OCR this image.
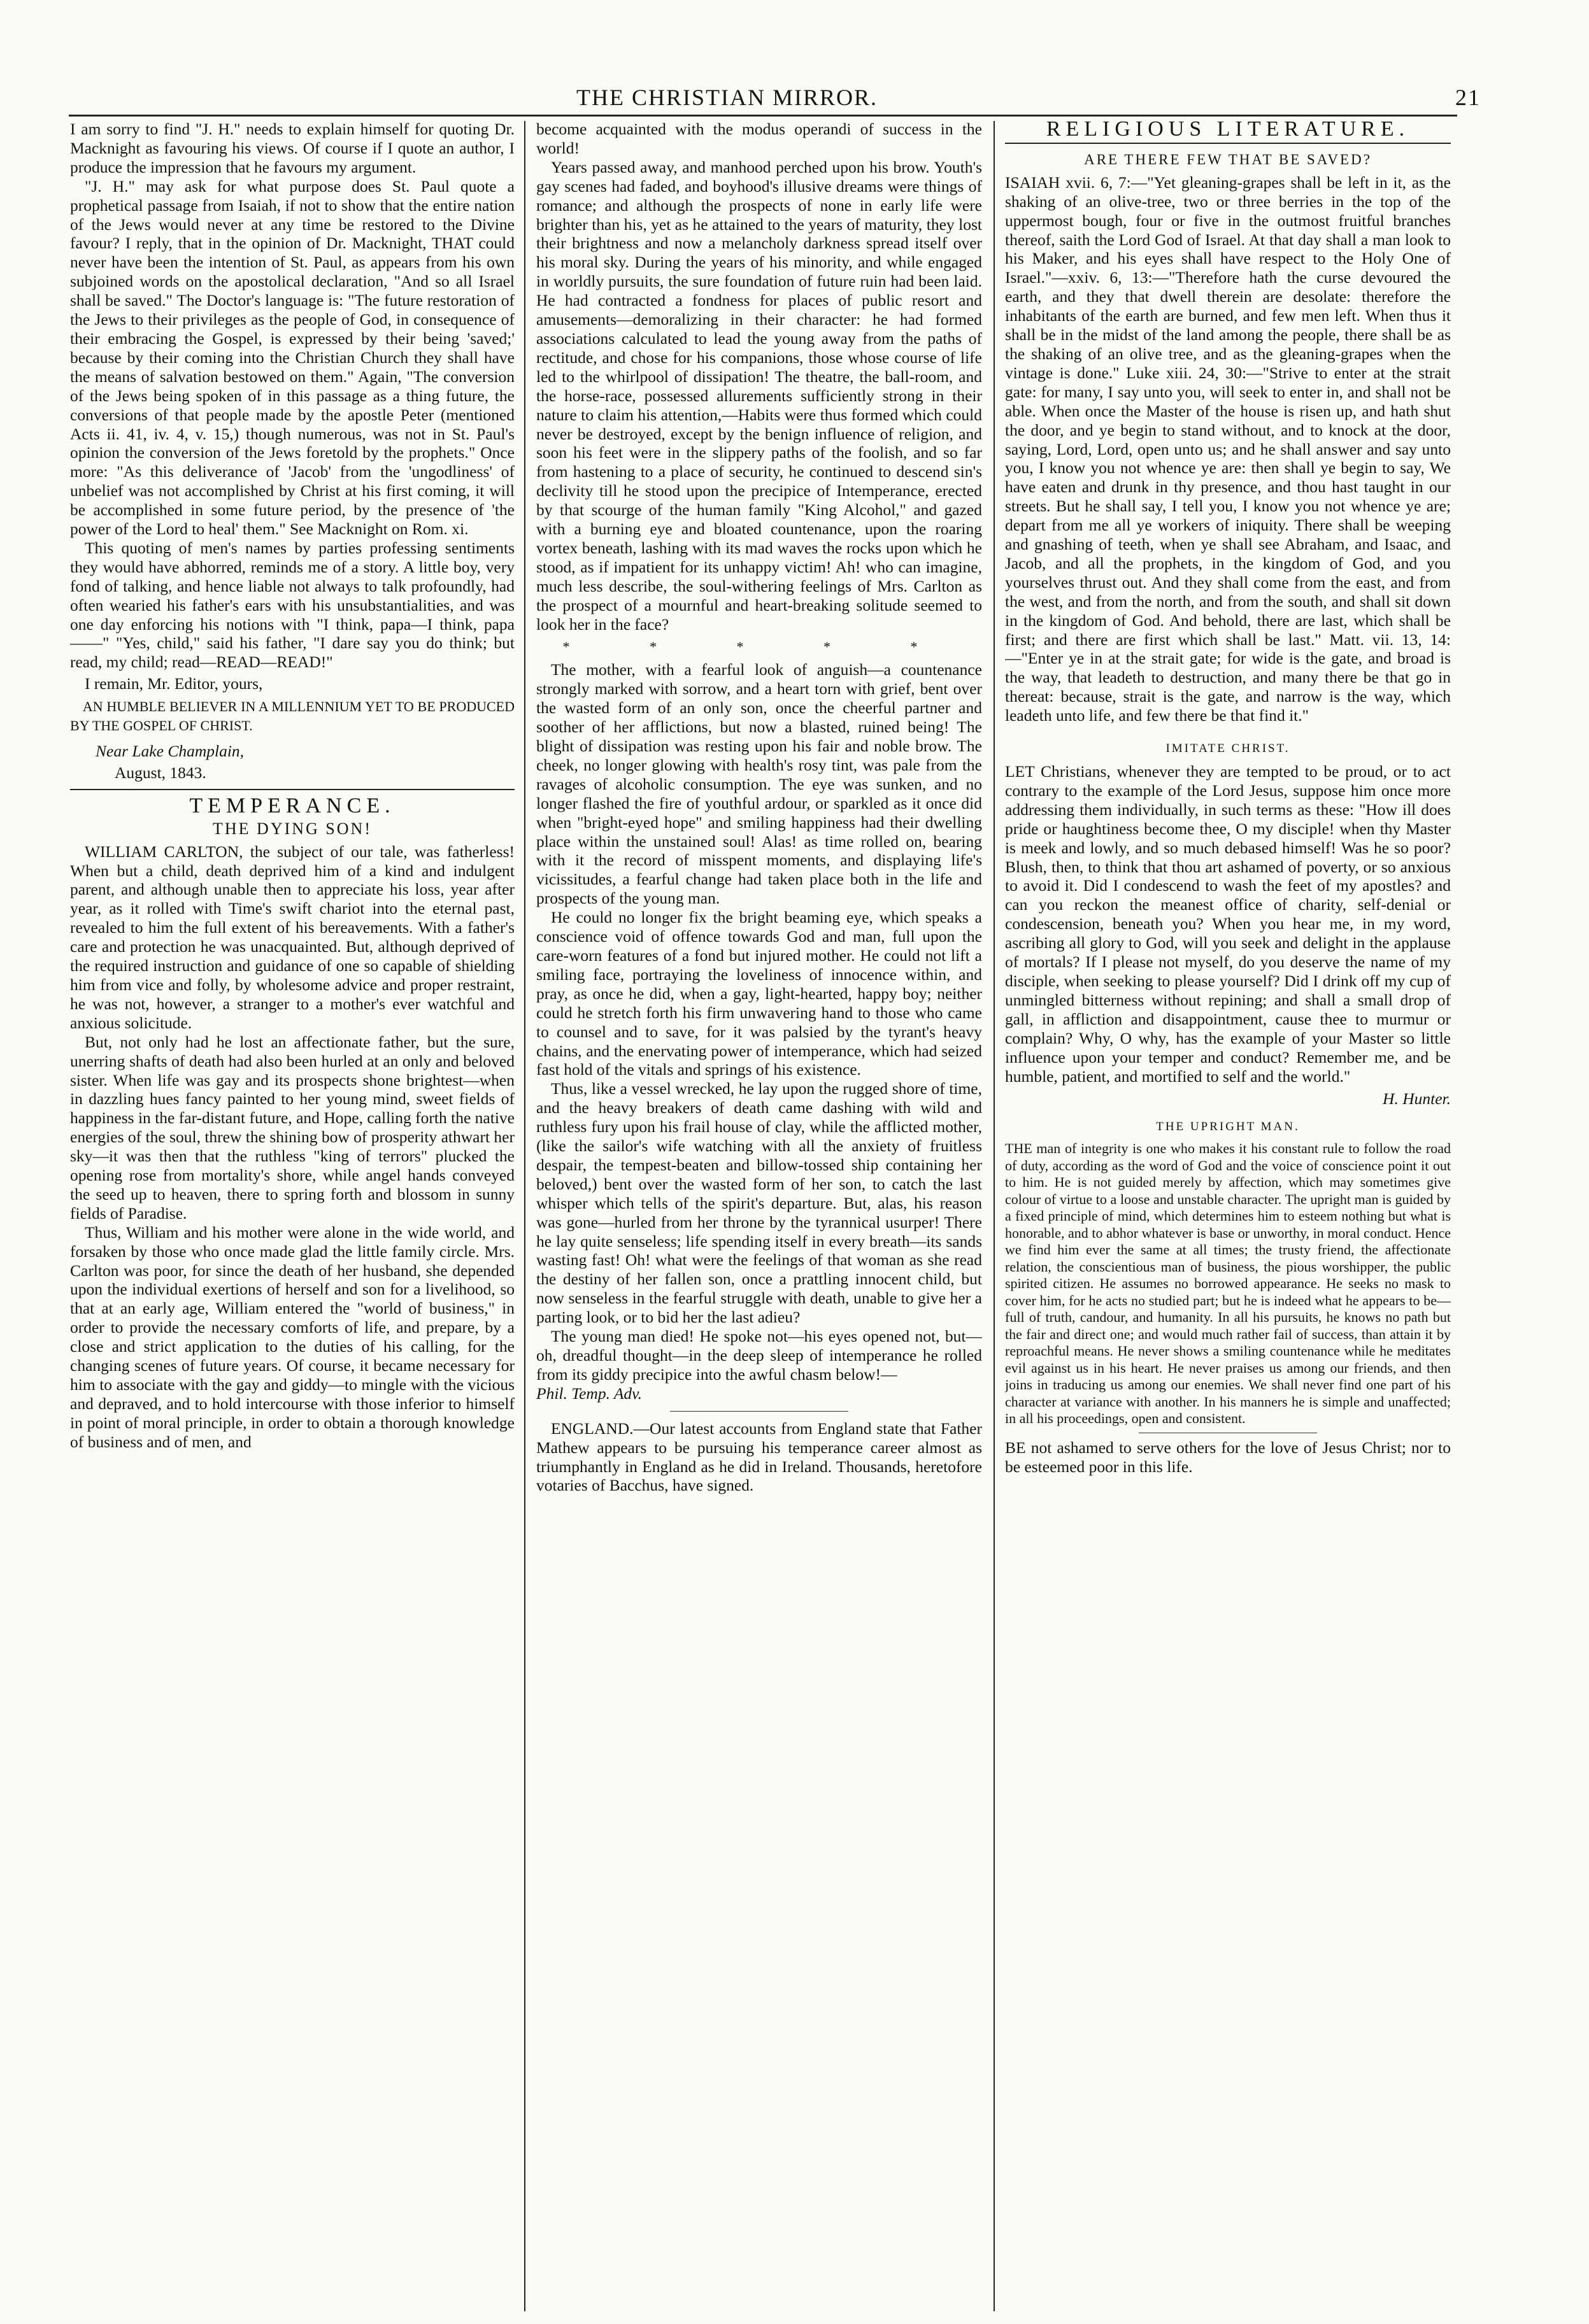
THE CHRISTIAN MIRROR.	21

I am sorry to find "J. H." needs to explain himself for quoting Dr. Macknight as favouring his views. Of course if I quote an author, I produce the impression that he favours my argument.

"J. H." may ask for what purpose does St. Paul quote a prophetical passage from Isaiah, if not to show that the entire nation of the Jews would never at any time be restored to the Divine favour? I reply, that in the opinion of Dr. Macknight, THAT could never have been the intention of St. Paul, as appears from his own subjoined words on the apostolical declaration, "And so all Israel shall be saved." The Doctor's language is: "The future restoration of the Jews to their privileges as the people of God, in consequence of their embracing the Gospel, is expressed by their being 'saved;' because by their coming into the Christian Church they shall have the means of salvation bestowed on them." Again, "The conversion of the Jews being spoken of in this passage as a thing future, the conversions of that people made by the apostle Peter (mentioned Acts ii. 41, iv. 4, v. 15,) though numerous, was not in St. Paul's opinion the conversion of the Jews foretold by the prophets." Once more: "As this deliverance of 'Jacob' from the 'ungodliness' of unbelief was not accomplished by Christ at his first coming, it will be accomplished in some future period, by the presence of 'the power of the Lord to heal' them." See Macknight on Rom. xi.

This quoting of men's names by parties professing sentiments they would have abhorred, reminds me of a story. A little boy, very fond of talking, and hence liable not always to talk profoundly, had often wearied his father's ears with his unsubstantialities, and was one day enforcing his notions with "I think, papa—I think, papa——" "Yes, child," said his father, "I dare say you do think; but read, my child; read—READ—READ!"

I remain, Mr. Editor, yours,

AN HUMBLE BELIEVER IN A MILLENNIUM YET TO BE PRODUCED BY THE GOSPEL OF CHRIST.

Near Lake Champlain,
August, 1843.
TEMPERANCE.
THE DYING SON!

WILLIAM CARLTON, the subject of our tale, was fatherless! When but a child, death deprived him of a kind and indulgent parent, and although unable then to appreciate his loss, year after year, as it rolled with Time's swift chariot into the eternal past, revealed to him the full extent of his bereavements. With a father's care and protection he was unacquainted. But, although deprived of the required instruction and guidance of one so capable of shielding him from vice and folly, by wholesome advice and proper restraint, he was not, however, a stranger to a mother's ever watchful and anxious solicitude.

But, not only had he lost an affectionate father, but the sure, unerring shafts of death had also been hurled at an only and beloved sister. When life was gay and its prospects shone brightest—when in dazzling hues fancy painted to her young mind, sweet fields of happiness in the far-distant future, and Hope, calling forth the native energies of the soul, threw the shining bow of prosperity athwart her sky—it was then that the ruthless "king of terrors" plucked the opening rose from mortality's shore, while angel hands conveyed the seed up to heaven, there to spring forth and blossom in sunny fields of Paradise.

Thus, William and his mother were alone in the wide world, and forsaken by those who once made glad the little family circle. Mrs. Carlton was poor, for since the death of her husband, she depended upon the individual exertions of herself and son for a livelihood, so that at an early age, William entered the "world of business," in order to provide the necessary comforts of life, and prepare, by a close and strict application to the duties of his calling, for the changing scenes of future years. Of course, it became necessary for him to associate with the gay and giddy—to mingle with the vicious and depraved, and to hold intercourse with those inferior to himself in point of moral principle, in order to obtain a thorough knowledge of business and of men, and

become acquainted with the modus operandi of success in the world!

Years passed away, and manhood perched upon his brow. Youth's gay scenes had faded, and boyhood's illusive dreams were things of romance; and although the prospects of none in early life were brighter than his, yet as he attained to the years of maturity, they lost their brightness and now a melancholy darkness spread itself over his moral sky. During the years of his minority, and while engaged in worldly pursuits, the sure foundation of future ruin had been laid. He had contracted a fondness for places of public resort and amusements—demoralizing in their character: he had formed associations calculated to lead the young away from the paths of rectitude, and chose for his companions, those whose course of life led to the whirlpool of dissipation! The theatre, the ball-room, and the horse-race, possessed allurements sufficiently strong in their nature to claim his attention,—Habits were thus formed which could never be destroyed, except by the benign influence of religion, and soon his feet were in the slippery paths of the foolish, and so far from hastening to a place of security, he continued to descend sin's declivity till he stood upon the precipice of Intemperance, erected by that scourge of the human family "King Alcohol," and gazed with a burning eye and bloated countenance, upon the roaring vortex beneath, lashing with its mad waves the rocks upon which he stood, as if impatient for its unhappy victim! Ah! who can imagine, much less describe, the soul-withering feelings of Mrs. Carlton as the prospect of a mournful and heart-breaking solitude seemed to look her in the face?

* * * * *

The mother, with a fearful look of anguish—a countenance strongly marked with sorrow, and a heart torn with grief, bent over the wasted form of an only son, once the cheerful partner and soother of her afflictions, but now a blasted, ruined being! The blight of dissipation was resting upon his fair and noble brow. The cheek, no longer glowing with health's rosy tint, was pale from the ravages of alcoholic consumption. The eye was sunken, and no longer flashed the fire of youthful ardour, or sparkled as it once did when "bright-eyed hope" and smiling happiness had their dwelling place within the unstained soul! Alas! as time rolled on, bearing with it the record of misspent moments, and displaying life's vicissitudes, a fearful change had taken place both in the life and prospects of the young man.

He could no longer fix the bright beaming eye, which speaks a conscience void of offence towards God and man, full upon the care-worn features of a fond but injured mother. He could not lift a smiling face, portraying the loveliness of innocence within, and pray, as once he did, when a gay, light-hearted, happy boy; neither could he stretch forth his firm unwavering hand to those who came to counsel and to save, for it was palsied by the tyrant's heavy chains, and the enervating power of intemperance, which had seized fast hold of the vitals and springs of his existence.

Thus, like a vessel wrecked, he lay upon the rugged shore of time, and the heavy breakers of death came dashing with wild and ruthless fury upon his frail house of clay, while the afflicted mother, (like the sailor's wife watching with all the anxiety of fruitless despair, the tempest-beaten and billow-tossed ship containing her beloved,) bent over the wasted form of her son, to catch the last whisper which tells of the spirit's departure. But, alas, his reason was gone—hurled from her throne by the tyrannical usurper! There he lay quite senseless; life spending itself in every breath—its sands wasting fast! Oh! what were the feelings of that woman as she read the destiny of her fallen son, once a prattling innocent child, but now senseless in the fearful struggle with death, unable to give her a parting look, or to bid her the last adieu?

The young man died! He spoke not—his eyes opened not, but—oh, dreadful thought—in the deep sleep of intemperance he rolled from its giddy precipice into the awful chasm below!—

Phil. Temp. Adv.

ENGLAND.—Our latest accounts from England state that Father Mathew appears to be pursuing his temperance career almost as triumphantly in England as he did in Ireland. Thousands, heretofore votaries of Bacchus, have signed.

RELIGIOUS LITERATURE.
ARE THERE FEW THAT BE SAVED?

ISAIAH xvii. 6, 7:—"Yet gleaning-grapes shall be left in it, as the shaking of an olive-tree, two or three berries in the top of the uppermost bough, four or five in the outmost fruitful branches thereof, saith the Lord God of Israel. At that day shall a man look to his Maker, and his eyes shall have respect to the Holy One of Israel."—xxiv. 6, 13:—"Therefore hath the curse devoured the earth, and they that dwell therein are desolate: therefore the inhabitants of the earth are burned, and few men left. When thus it shall be in the midst of the land among the people, there shall be as the shaking of an olive tree, and as the gleaning-grapes when the vintage is done." Luke xiii. 24, 30:—"Strive to enter at the strait gate: for many, I say unto you, will seek to enter in, and shall not be able. When once the Master of the house is risen up, and hath shut the door, and ye begin to stand without, and to knock at the door, saying, Lord, Lord, open unto us; and he shall answer and say unto you, I know you not whence ye are: then shall ye begin to say, We have eaten and drunk in thy presence, and thou hast taught in our streets. But he shall say, I tell you, I know you not whence ye are; depart from me all ye workers of iniquity. There shall be weeping and gnashing of teeth, when ye shall see Abraham, and Isaac, and Jacob, and all the prophets, in the kingdom of God, and you yourselves thrust out. And they shall come from the east, and from the west, and from the north, and from the south, and shall sit down in the kingdom of God. And behold, there are last, which shall be first; and there are first which shall be last." Matt. vii. 13, 14:—"Enter ye in at the strait gate; for wide is the gate, and broad is the way, that leadeth to destruction, and many there be that go in thereat: because, strait is the gate, and narrow is the way, which leadeth unto life, and few there be that find it."

IMITATE CHRIST.

LET Christians, whenever they are tempted to be proud, or to act contrary to the example of the Lord Jesus, suppose him once more addressing them individually, in such terms as these: "How ill does pride or haughtiness become thee, O my disciple! when thy Master is meek and lowly, and so much debased himself! Was he so poor? Blush, then, to think that thou art ashamed of poverty, or so anxious to avoid it. Did I condescend to wash the feet of my apostles? and can you reckon the meanest office of charity, self-denial or condescension, beneath you? When you hear me, in my word, ascribing all glory to God, will you seek and delight in the applause of mortals? If I please not myself, do you deserve the name of my disciple, when seeking to please yourself? Did I drink off my cup of unmingled bitterness without repining; and shall a small drop of gall, in affliction and disappointment, cause thee to murmur or complain? Why, O why, has the example of your Master so little influence upon your temper and conduct? Remember me, and be humble, patient, and mortified to self and the world."

H. Hunter.
THE UPRIGHT MAN.

THE man of integrity is one who makes it his constant rule to follow the road of duty, according as the word of God and the voice of conscience point it out to him. He is not guided merely by affection, which may sometimes give colour of virtue to a loose and unstable character. The upright man is guided by a fixed principle of mind, which determines him to esteem nothing but what is honorable, and to abhor whatever is base or unworthy, in moral conduct. Hence we find him ever the same at all times; the trusty friend, the affectionate relation, the conscientious man of business, the pious worshipper, the public spirited citizen. He assumes no borrowed appearance. He seeks no mask to cover him, for he acts no studied part; but he is indeed what he appears to be—full of truth, candour, and humanity. In all his pursuits, he knows no path but the fair and direct one; and would much rather fail of success, than attain it by reproachful means. He never shows a smiling countenance while he meditates evil against us in his heart. He never praises us among our friends, and then joins in traducing us among our enemies. We shall never find one part of his character at variance with another. In his manners he is simple and unaffected; in all his proceedings, open and consistent.

BE not ashamed to serve others for the love of Jesus Christ; nor to be esteemed poor in this life.
